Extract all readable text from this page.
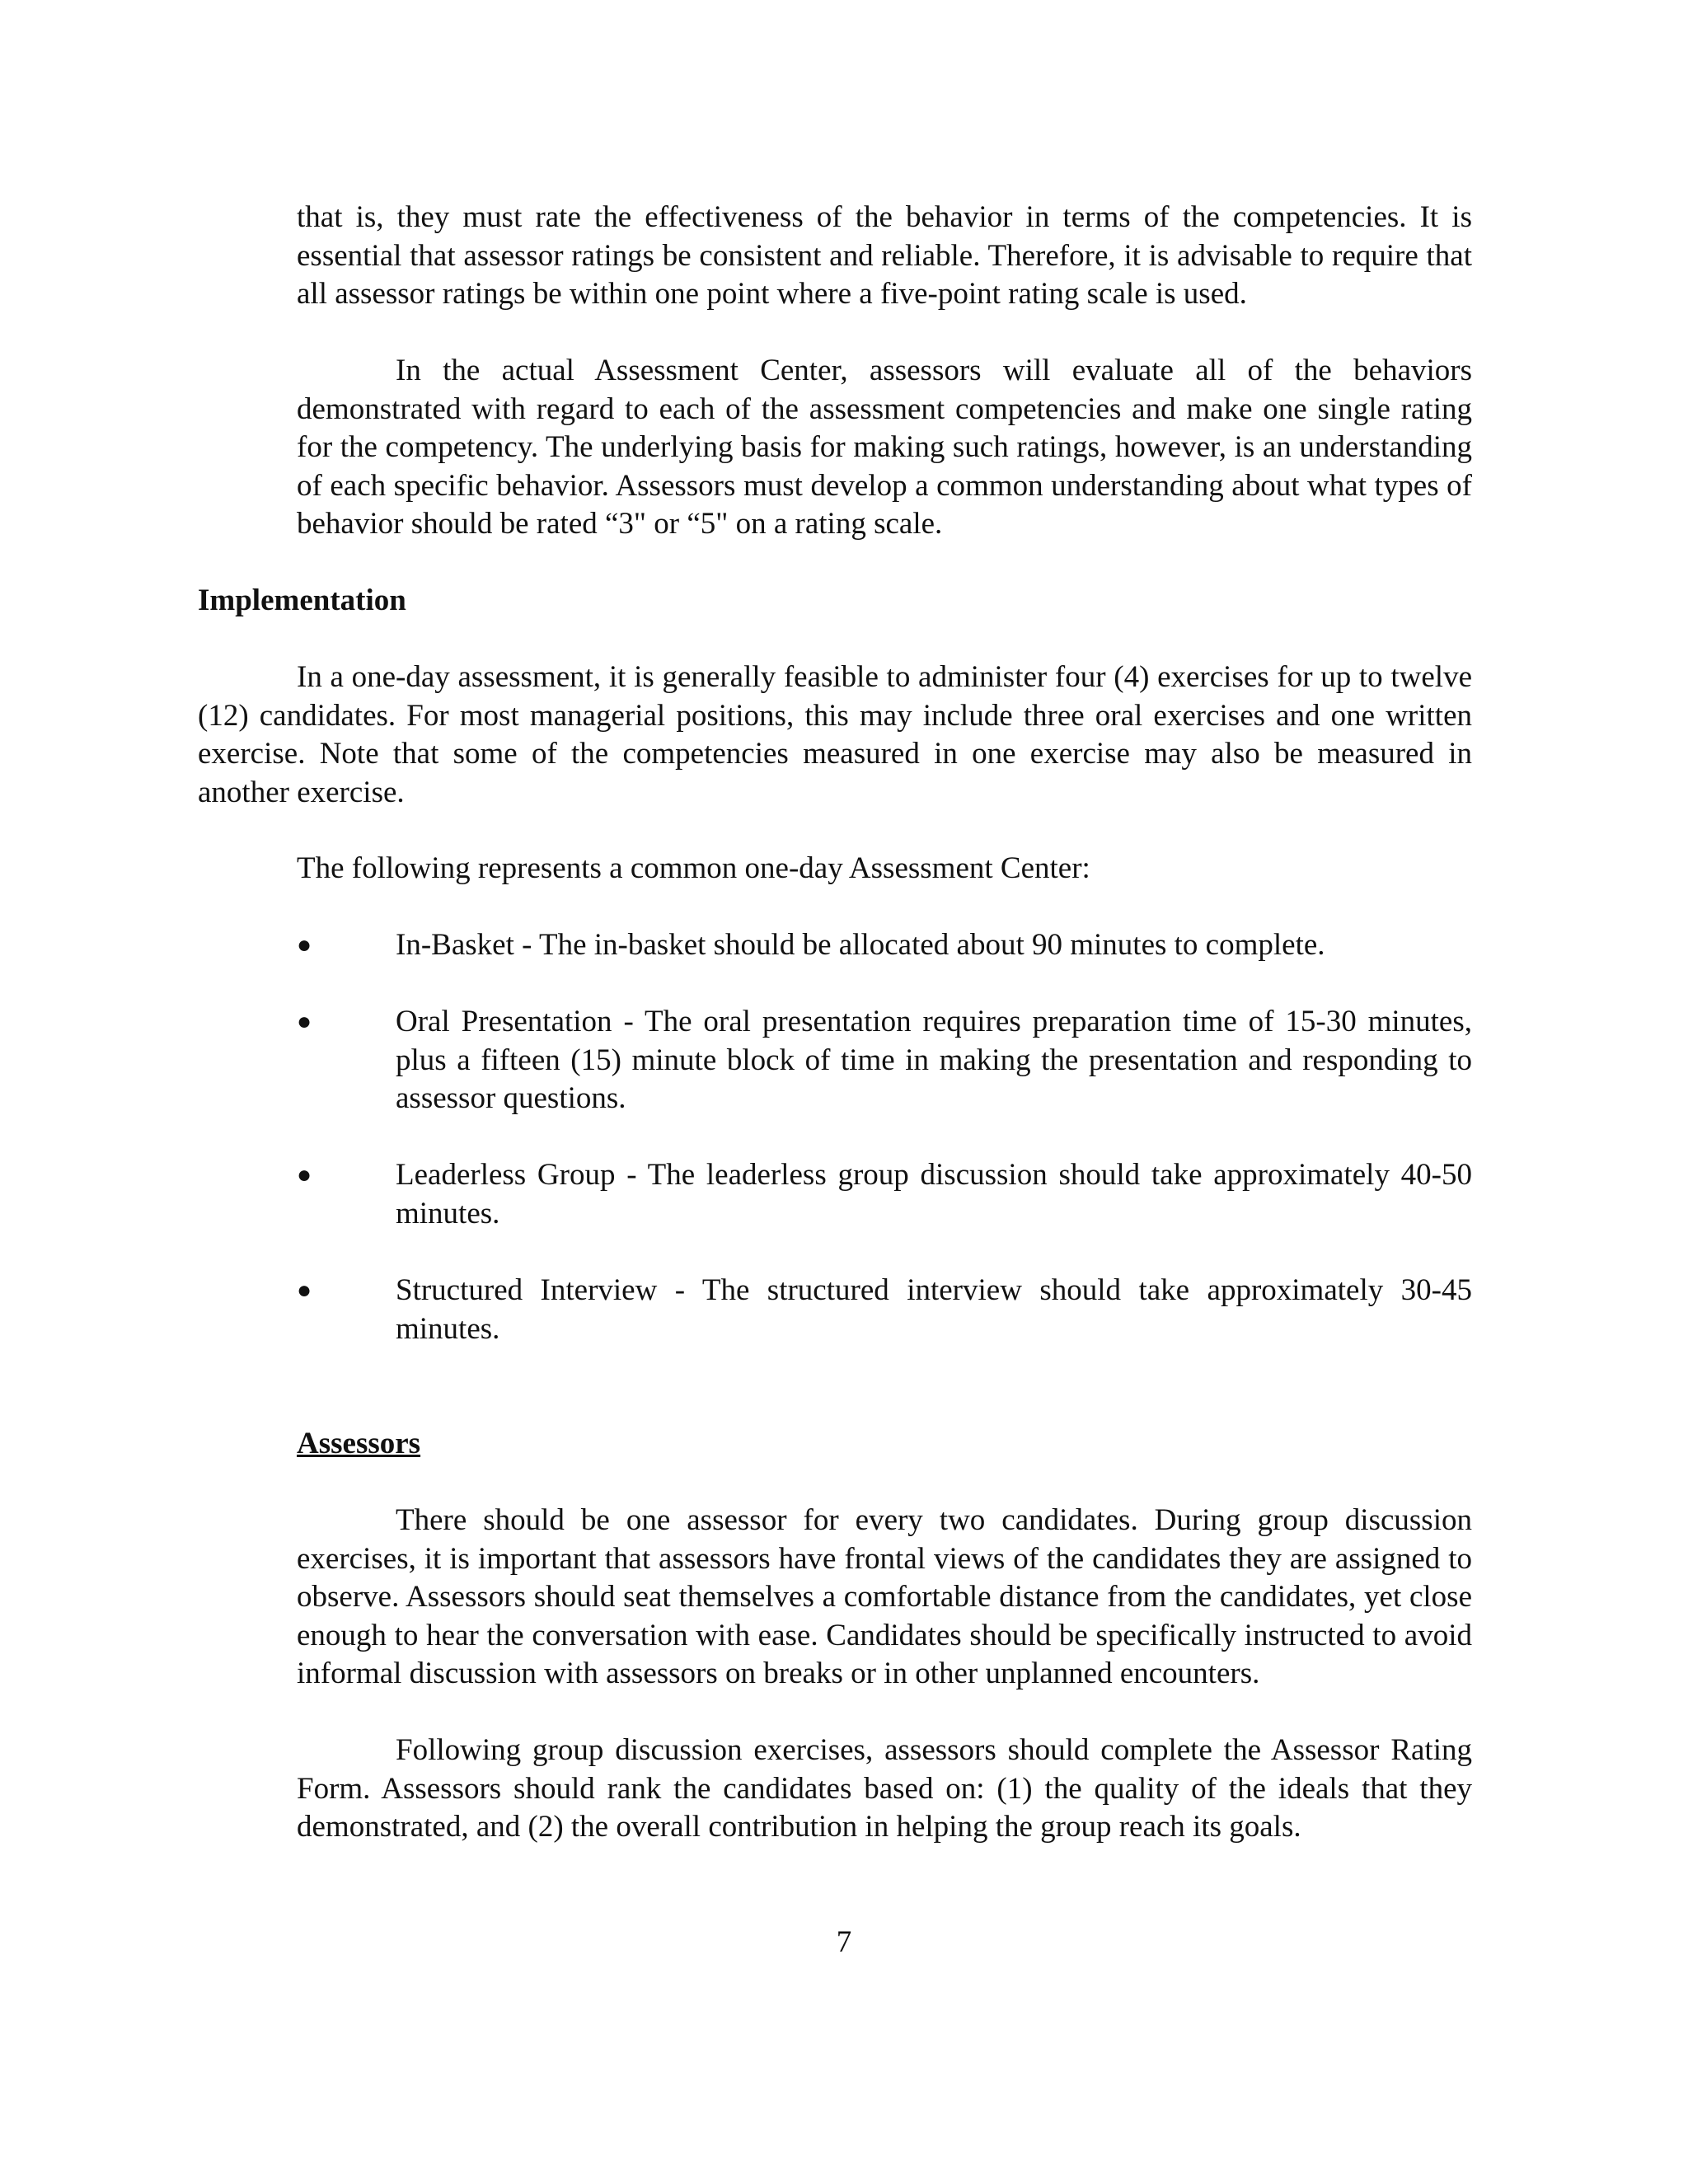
that is, they must rate the effectiveness of the behavior in terms of the competencies. It is essential that assessor ratings be consistent and reliable. Therefore, it is advisable to require that all assessor ratings be within one point where a five-point rating scale is used.

In the actual Assessment Center, assessors will evaluate all of the behaviors demonstrated with regard to each of the assessment competencies and make one single rating for the competency. The underlying basis for making such ratings, however, is an understanding of each specific behavior. Assessors must develop a common understanding about what types of behavior should be rated “3" or “5" on a rating scale.

Implementation

In a one-day assessment, it is generally feasible to administer four (4) exercises for up to twelve (12) candidates. For most managerial positions, this may include three oral exercises and one written exercise. Note that some of the competencies measured in one exercise may also be measured in another exercise.

The following represents a common one-day Assessment Center:

●	In-Basket - The in-basket should be allocated about 90 minutes to complete.

●	Oral Presentation - The oral presentation requires preparation time of 15-30 minutes, plus a fifteen (15) minute block of time in making the presentation and responding to assessor questions.

●	Leaderless Group - The leaderless group discussion should take approximately 40-50 minutes.

●	Structured Interview - The structured interview should take approximately 30-45 minutes.

Assessors

There should be one assessor for every two candidates. During group discussion exercises, it is important that assessors have frontal views of the candidates they are assigned to observe. Assessors should seat themselves a comfortable distance from the candidates, yet close enough to hear the conversation with ease. Candidates should be specifically instructed to avoid informal discussion with assessors on breaks or in other unplanned encounters.

Following group discussion exercises, assessors should complete the Assessor Rating Form. Assessors should rank the candidates based on: (1) the quality of the ideals that they demonstrated, and (2) the overall contribution in helping the group reach its goals.

7
